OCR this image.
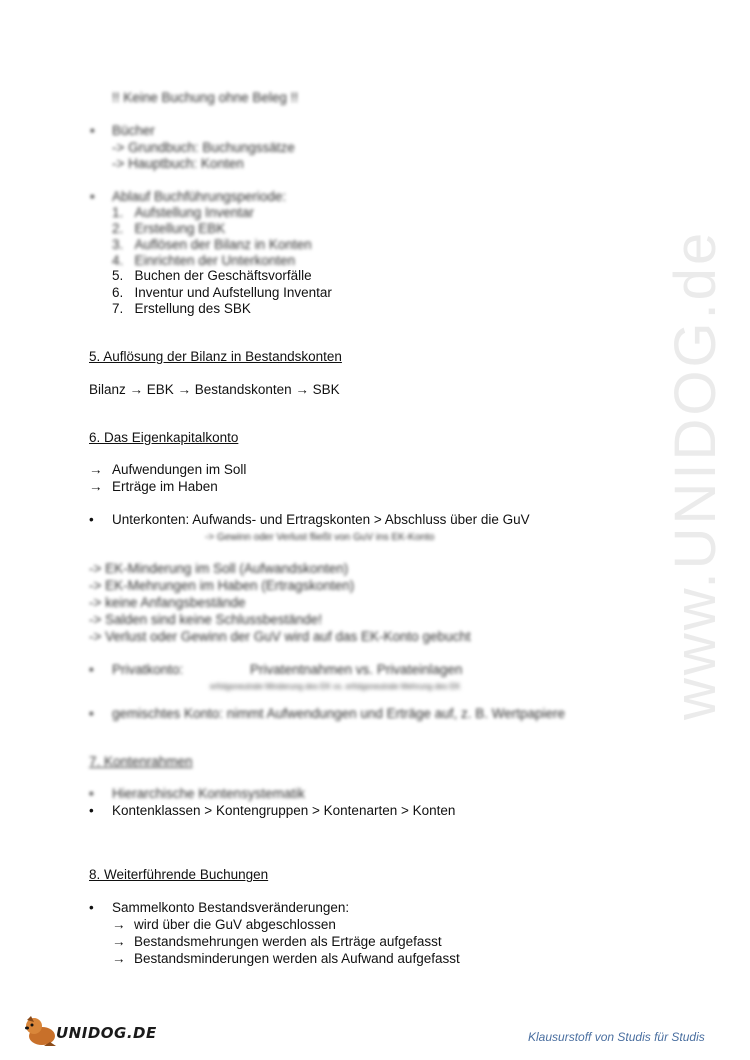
www.UNIDOG.de
!! Keine Buchung ohne Beleg !!
• Bücher
-> Grundbuch: Buchungssätze
-> Hauptbuch: Konten
• Ablauf Buchführungsperiode:
1.   Aufstellung Inventar
2.   Erstellung EBK
3.   Auflösen der Bilanz in Konten
4.   Einrichten der Unterkonten
5.   Buchen der Geschäftsvorfälle
6.   Inventur und Aufstellung Inventar
7.   Erstellung des SBK
5. Auflösung der Bilanz in Bestandskonten
Bilanz → EBK → Bestandskonten → SBK
6. Das Eigenkapitalkonto
→ Aufwendungen im Soll
→ Erträge im Haben
• Unterkonten: Aufwands- und Ertragskonten > Abschluss über die GuV
-> Gewinn oder Verlust fließt von GuV ins EK-Konto
-> EK-Minderung im Soll (Aufwandskonten)
-> EK-Mehrungen im Haben (Ertragskonten)
-> keine Anfangsbestände
-> Salden sind keine Schlussbestände!
-> Verlust oder Gewinn der GuV wird auf das EK-Konto gebucht
• Privatkonto:	Privatentnahmen vs. Privateinlagen
erfolgsneutrale Minderung des EK vs. erfolgsneutrale Mehrung des EK
• gemischtes Konto: nimmt Aufwendungen und Erträge auf, z. B. Wertpapiere
7. Kontenrahmen
• Hierarchische Kontensystematik
• Kontenklassen > Kontengruppen > Kontenarten > Konten
8. Weiterführende Buchungen
• Sammelkonto Bestandsveränderungen:
→ wird über die GuV abgeschlossen
→ Bestandsmehrungen werden als Erträge aufgefasst
→ Bestandsminderungen werden als Aufwand aufgefasst
UNIDOG.DE	Klausurstoff von Studis für Studis
